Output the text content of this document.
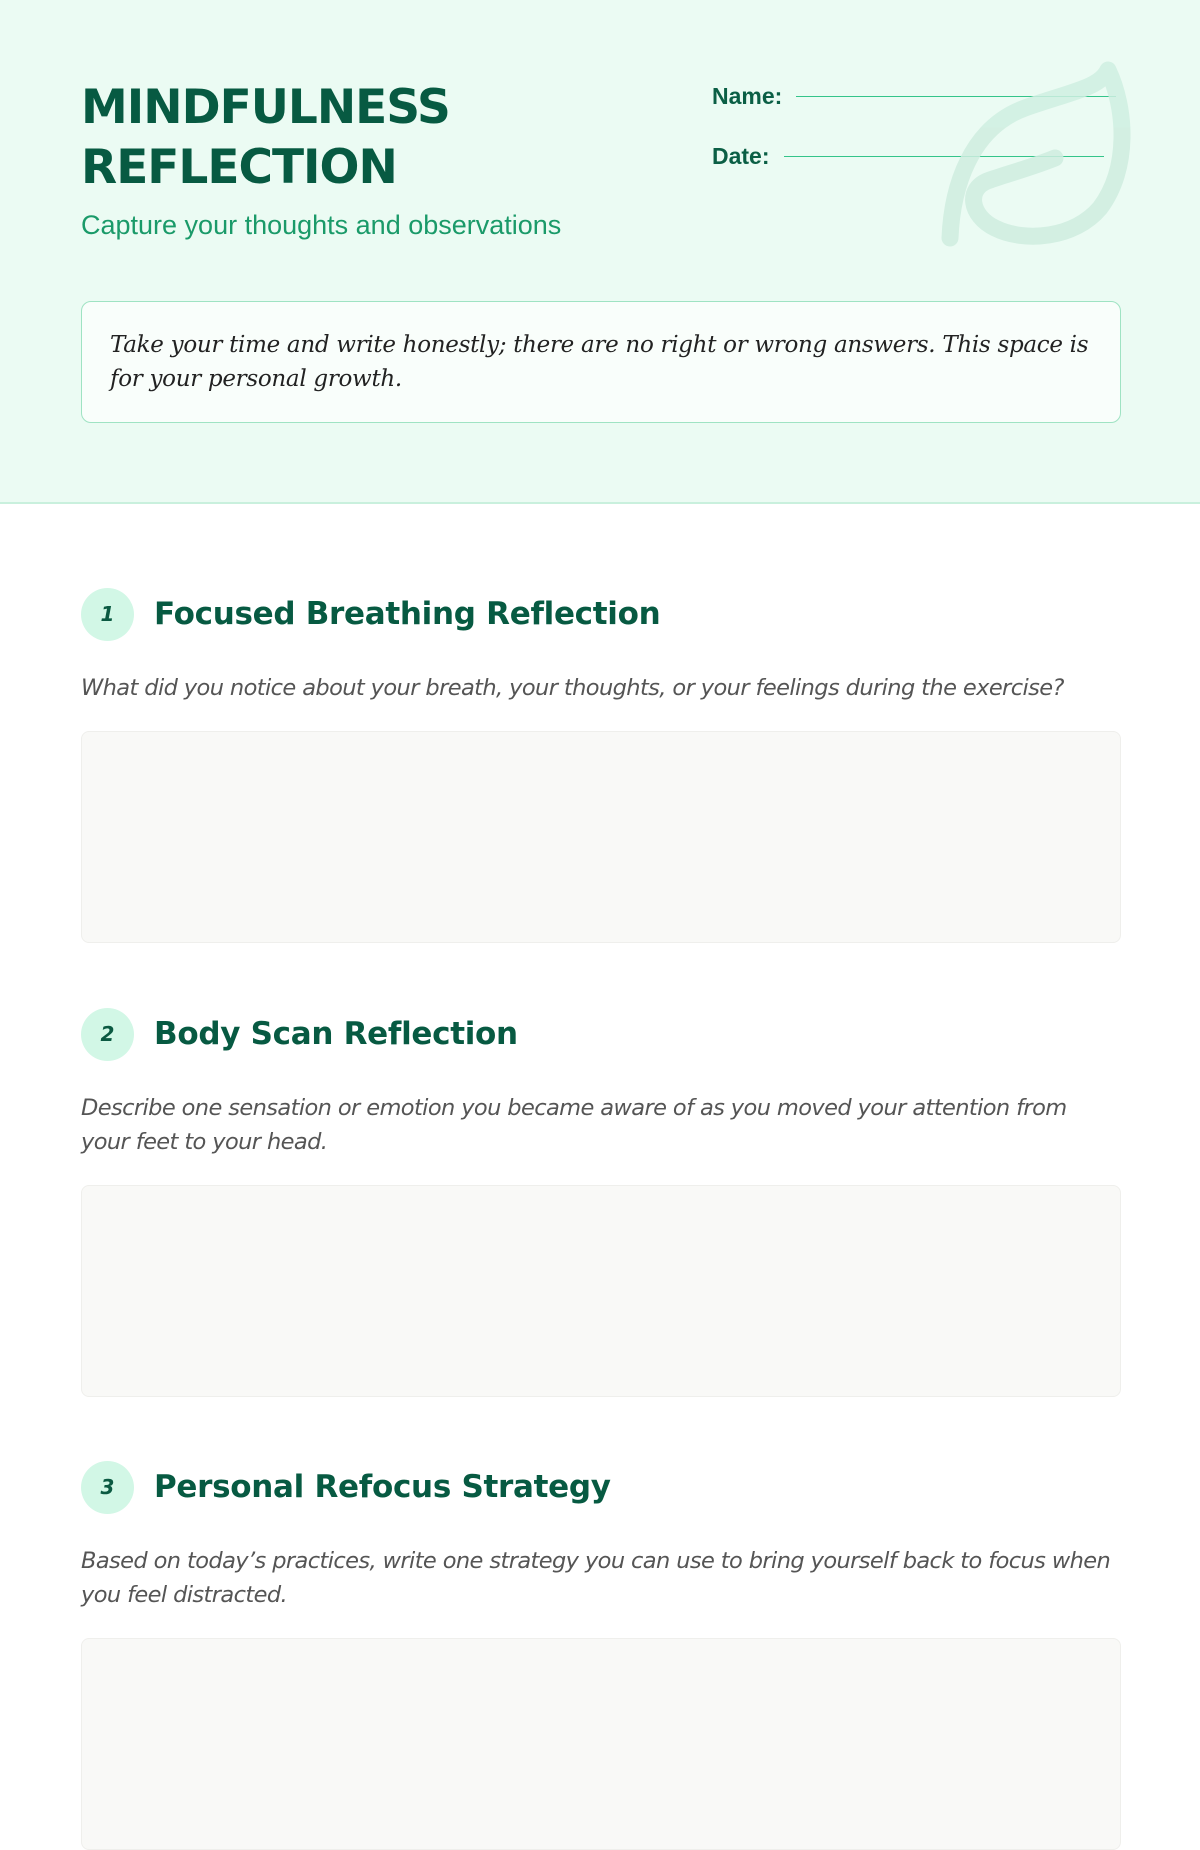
MINDFULNESS
REFLECTION
Capture your thoughts and observations
Name:
Date:
Take your time and write honestly; there are no right or wrong answers. This space is for your personal growth.
1	Focused Breathing Reflection
What did you notice about your breath, your thoughts, or your feelings during the exercise?
2	Body Scan Reflection
Describe one sensation or emotion you became aware of as you moved your attention from your feet to your head.
3	Personal Refocus Strategy
Based on today’s practices, write one strategy you can use to bring yourself back to focus when you feel distracted.
